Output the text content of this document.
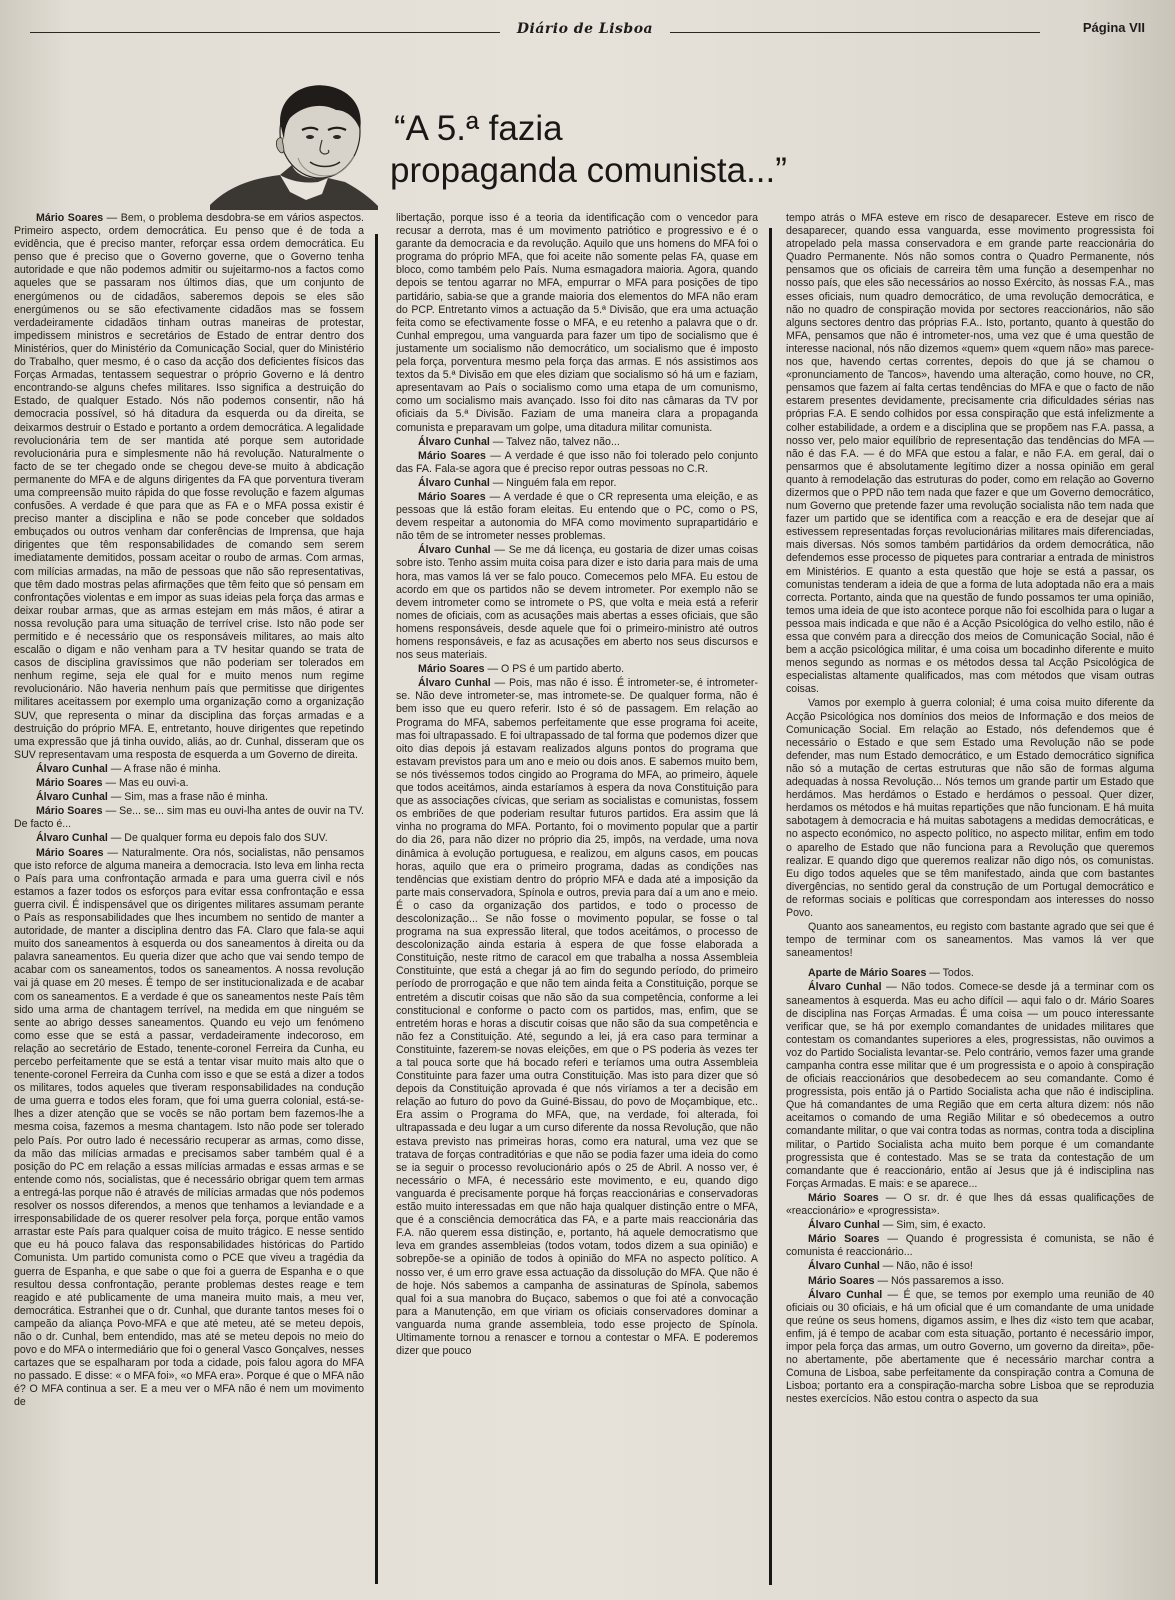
Diário de Lisboa	Página VII
“A 5.ª fazia
propaganda comunista...”

Mário Soares — Bem, o problema desdobra-se em vários aspectos. Primeiro aspecto, ordem democrática. Eu penso que é de toda a evidência, que é preciso manter, reforçar essa ordem democrática. Eu penso que é preciso que o Governo governe, que o Governo tenha autoridade e que não podemos admitir ou sujeitarmo-nos a factos como aqueles que se passaram nos últimos dias, que um conjunto de energúmenos ou de cidadãos, saberemos depois se eles são energúmenos ou se são efectivamente cidadãos mas se fossem verdadeiramente cidadãos tinham outras maneiras de protestar, impedissem ministros e secretários de Estado de entrar dentro dos Ministérios, quer do Ministério da Comunicação Social, quer do Ministério do Trabalho, quer mesmo, é o caso da acção dos deficientes físicos das Forças Armadas, tentassem sequestrar o próprio Governo e lá dentro encontrando-se alguns chefes militares. Isso significa a destruição do Estado, de qualquer Estado. Nós não podemos consentir, não há democracia possível, só há ditadura da esquerda ou da direita, se deixarmos destruir o Estado e portanto a ordem democrática. A legalidade revolucionária tem de ser mantida até porque sem autoridade revolucionária pura e simplesmente não há revolução. Naturalmente o facto de se ter chegado onde se chegou deve-se muito à abdicação permanente do MFA e de alguns dirigentes da FA que porventura tiveram uma compreensão muito rápida do que fosse revolução e fazem algumas confusões. A verdade é que para que as FA e o MFA possa existir é preciso manter a disciplina e não se pode conceber que soldados embuçados ou outros venham dar conferências de Imprensa, que haja dirigentes que têm responsabilidades de comando sem serem imediatamente demitidos, possam aceitar o roubo de armas. Com armas, com milícias armadas, na mão de pessoas que não são representativas, que têm dado mostras pelas afirmações que têm feito que só pensam em confrontações violentas e em impor as suas ideias pela força das armas e deixar roubar armas, que as armas estejam em más mãos, é atirar a nossa revolução para uma situação de terrível crise. Isto não pode ser permitido e é necessário que os responsáveis militares, ao mais alto escalão o digam e não venham para a TV hesitar quando se trata de casos de disciplina gravíssimos que não poderiam ser tolerados em nenhum regime, seja ele qual for e muito menos num regime revolucionário. Não haveria nenhum país que permitisse que dirigentes militares aceitassem por exemplo uma organização como a organização SUV, que representa o minar da disciplina das forças armadas e a destruição do próprio MFA. E, entretanto, houve dirigentes que repetindo uma expressão que já tinha ouvido, aliás, ao dr. Cunhal, disseram que os SUV representavam uma resposta de esquerda a um Governo de direita.

Álvaro Cunhal — A frase não é minha.

Mário Soares — Mas eu ouvi-a.

Álvaro Cunhal — Sim, mas a frase não é minha.

Mário Soares — Se... se... sim mas eu ouvi-lha antes de ouvir na TV. De facto é...

Álvaro Cunhal — De qualquer forma eu depois falo dos SUV.

Mário Soares — Naturalmente. Ora nós, socialistas, não pensamos que isto reforce de alguma maneira a democracia. Isto leva em linha recta o País para uma confrontação armada e para uma guerra civil e nós estamos a fazer todos os esforços para evitar essa confrontação e essa guerra civil. É indispensável que os dirigentes militares assumam perante o País as responsabilidades que lhes incumbem no sentido de manter a autoridade, de manter a disciplina dentro das FA. Claro que fala-se aqui muito dos saneamentos à esquerda ou dos saneamentos à direita ou da palavra saneamentos. Eu queria dizer que acho que vai sendo tempo de acabar com os saneamentos, todos os saneamentos. A nossa revolução vai já quase em 20 meses. É tempo de ser institucionalizada e de acabar com os saneamentos. E a verdade é que os saneamentos neste País têm sido uma arma de chantagem terrível, na medida em que ninguém se sente ao abrigo desses saneamentos. Quando eu vejo um fenómeno como esse que se está a passar, verdadeiramente indecoroso, em relação ao secretário de Estado, tenente-coronel Ferreira da Cunha, eu percebo perfeitamente que se está a tentar visar muito mais alto que o tenente-coronel Ferreira da Cunha com isso e que se está a dizer a todos os militares, todos aqueles que tiveram responsabilidades na condução de uma guerra e todos eles foram, que foi uma guerra colonial, está-se-lhes a dizer atenção que se vocês se não portam bem fazemos-lhe a mesma coisa, fazemos a mesma chantagem. Isto não pode ser tolerado pelo País. Por outro lado é necessário recuperar as armas, como disse, da mão das milícias armadas e precisamos saber também qual é a posição do PC em relação a essas milícias armadas e essas armas e se entende como nós, socialistas, que é necessário obrigar quem tem armas a entregá-las porque não é através de milícias armadas que nós podemos resolver os nossos diferendos, a menos que tenhamos a leviandade e a irresponsabilidade de os querer resolver pela força, porque então vamos arrastar este País para qualquer coisa de muito trágico. E nesse sentido que eu há pouco falava das responsabilidades históricas do Partido Comunista. Um partido comunista como o PCE que viveu a tragédia da guerra de Espanha, e que sabe o que foi a guerra de Espanha e o que resultou dessa confrontação, perante problemas destes reage e tem reagido e até publicamente de uma maneira muito mais, a meu ver, democrática. Estranhei que o dr. Cunhal, que durante tantos meses foi o campeão da aliança Povo-MFA e que até meteu, até se meteu depois, não o dr. Cunhal, bem entendido, mas até se meteu depois no meio do povo e do MFA o intermediário que foi o general Vasco Gonçalves, nesses cartazes que se espalharam por toda a cidade, pois falou agora do MFA no passado. E disse: « o MFA foi», «o MFA era». Porque é que o MFA não é? O MFA continua a ser. E a meu ver o MFA não é nem um movimento de

libertação, porque isso é a teoria da identificação com o vencedor para recusar a derrota, mas é um movimento patriótico e progressivo e é o garante da democracia e da revolução. Aquilo que uns homens do MFA foi o programa do próprio MFA, que foi aceite não somente pelas FA, quase em bloco, como também pelo País. Numa esmagadora maioria. Agora, quando depois se tentou agarrar no MFA, empurrar o MFA para posições de tipo partidário, sabia-se que a grande maioria dos elementos do MFA não eram do PCP. Entretanto vimos a actuação da 5.ª Divisão, que era uma actuação feita como se efectivamente fosse o MFA, e eu retenho a palavra que o dr. Cunhal empregou, uma vanguarda para fazer um tipo de socialismo que é justamente um socialismo não democrático, um socialismo que é imposto pela força, porventura mesmo pela força das armas. E nós assistimos aos textos da 5.ª Divisão em que eles diziam que socialismo só há um e faziam, apresentavam ao País o socialismo como uma etapa de um comunismo, como um socialismo mais avançado. Isso foi dito nas câmaras da TV por oficiais da 5.ª Divisão. Faziam de uma maneira clara a propaganda comunista e preparavam um golpe, uma ditadura militar comunista.

Álvaro Cunhal — Talvez não, talvez não...

Mário Soares — A verdade é que isso não foi tolerado pelo conjunto das FA. Fala-se agora que é preciso repor outras pessoas no C.R.

Álvaro Cunhal — Ninguém fala em repor.

Mário Soares — A verdade é que o CR representa uma eleição, e as pessoas que lá estão foram eleitas. Eu entendo que o PC, como o PS, devem respeitar a autonomia do MFA como movimento suprapartidário e não têm de se intrometer nesses problemas.

Álvaro Cunhal — Se me dá licença, eu gostaria de dizer umas coisas sobre isto. Tenho assim muita coisa para dizer e isto daria para mais de uma hora, mas vamos lá ver se falo pouco. Comecemos pelo MFA. Eu estou de acordo em que os partidos não se devem intrometer. Por exemplo não se devem intrometer como se intromete o PS, que volta e meia está a referir nomes de oficiais, com as acusações mais abertas a esses oficiais, que são homens responsáveis, desde aquele que foi o primeiro-ministro até outros homens responsáveis, e faz as acusações em aberto nos seus discursos e nos seus materiais.

Mário Soares — O PS é um partido aberto.

Álvaro Cunhal — Pois, mas não é isso. É intrometer-se, é intrometer-se. Não deve intrometer-se, mas intromete-se. De qualquer forma, não é bem isso que eu quero referir. Isto é só de passagem. Em relação ao Programa do MFA, sabemos perfeitamente que esse programa foi aceite, mas foi ultrapassado. E foi ultrapassado de tal forma que podemos dizer que oito dias depois já estavam realizados alguns pontos do programa que estavam previstos para um ano e meio ou dois anos. E sabemos muito bem, se nós tivéssemos todos cingido ao Programa do MFA, ao primeiro, àquele que todos aceitámos, ainda estaríamos à espera da nova Constituição para que as associações cívicas, que seriam as socialistas e comunistas, fossem os embriões de que poderiam resultar futuros partidos. Era assim que lá vinha no programa do MFA. Portanto, foi o movimento popular que a partir do dia 26, para não dizer no próprio dia 25, impôs, na verdade, uma nova dinâmica à evolução portuguesa, e realizou, em alguns casos, em poucas horas, aquilo que era o primeiro programa, dadas as condições nas tendências que existiam dentro do próprio MFA e dada até a imposição da parte mais conservadora, Spínola e outros, previa para daí a um ano e meio. É o caso da organização dos partidos, e todo o processo de descolonização... Se não fosse o movimento popular, se fosse o tal programa na sua expressão literal, que todos aceitámos, o processo de descolonização ainda estaria à espera de que fosse elaborada a Constituição, neste ritmo de caracol em que trabalha a nossa Assembleia Constituinte, que está a chegar já ao fim do segundo período, do primeiro período de prorrogação e que não tem ainda feita a Constituição, porque se entretém a discutir coisas que não são da sua competência, conforme a lei constitucional e conforme o pacto com os partidos, mas, enfim, que se entretém horas e horas a discutir coisas que não são da sua competência e não fez a Constituição. Até, segundo a lei, já era caso para terminar a Constituinte, fazerem-se novas eleições, em que o PS poderia às vezes ter a tal pouca sorte que há bocado referi e teríamos uma outra Assembleia Constituinte para fazer uma outra Constituição. Mas isto para dizer que só depois da Constituição aprovada é que nós viríamos a ter a decisão em relação ao futuro do povo da Guiné-Bissau, do povo de Moçambique, etc.. Era assim o Programa do MFA, que, na verdade, foi alterada, foi ultrapassada e deu lugar a um curso diferente da nossa Revolução, que não estava previsto nas primeiras horas, como era natural, uma vez que se tratava de forças contraditórias e que não se podia fazer uma ideia do como se ia seguir o processo revolucionário após o 25 de Abril. A nosso ver, é necessário o MFA, é necessário este movimento, e eu, quando digo vanguarda é precisamente porque há forças reaccionárias e conservadoras estão muito interessadas em que não haja qualquer distinção entre o MFA, que é a consciência democrática das FA, e a parte mais reaccionária das F.A. não querem essa distinção, e, portanto, há aquele democratismo que leva em grandes assembleias (todos votam, todos dizem a sua opinião) e sobrepõe-se a opinião de todos à opinião do MFA no aspecto político. A nosso ver, é um erro grave essa actuação da dissolução do MFA. Que não é de hoje. Nós sabemos a campanha de assinaturas de Spínola, sabemos qual foi a sua manobra do Buçaco, sabemos o que foi até a convocação para a Manutenção, em que viriam os oficiais conservadores dominar a vanguarda numa grande assembleia, todo esse projecto de Spínola. Ultimamente tornou a renascer e tornou a contestar o MFA. E poderemos dizer que pouco

tempo atrás o MFA esteve em risco de desaparecer. Esteve em risco de desaparecer, quando essa vanguarda, esse movimento progressista foi atropelado pela massa conservadora e em grande parte reaccionária do Quadro Permanente. Nós não somos contra o Quadro Permanente, nós pensamos que os oficiais de carreira têm uma função a desempenhar no nosso país, que eles são necessários ao nosso Exército, às nossas F.A., mas esses oficiais, num quadro democrático, de uma revolução democrática, e não no quadro de conspiração movida por sectores reaccionários, não são alguns sectores dentro das próprias F.A.. Isto, portanto, quanto à questão do MFA, pensamos que não é intrometer-nos, uma vez que é uma questão de interesse nacional, nós não dizemos «quem» quem «quem não» mas parece-nos que, havendo certas correntes, depois do que já se chamou o «pronunciamento de Tancos», havendo uma alteração, como houve, no CR, pensamos que fazem aí falta certas tendências do MFA e que o facto de não estarem presentes devidamente, precisamente cria dificuldades sérias nas próprias F.A. E sendo colhidos por essa conspiração que está infelizmente a colher estabilidade, a ordem e a disciplina que se propõem nas F.A. passa, a nosso ver, pelo maior equilíbrio de representação das tendências do MFA — não é das F.A. — é do MFA que estou a falar, e não F.A. em geral, dai o pensarmos que é absolutamente legítimo dizer a nossa opinião em geral quanto à remodelação das estruturas do poder, como em relação ao Governo dizermos que o PPD não tem nada que fazer e que um Governo democrático, num Governo que pretende fazer uma revolução socialista não tem nada que fazer um partido que se identifica com a reacção e era de desejar que aí estivessem representadas forças revolucionárias militares mais diferenciadas, mais diversas. Nós somos também partidários da ordem democrática, não defendemos esse processo de piquetes para contrariar a entrada de ministros em Ministérios. E quanto a esta questão que hoje se está a passar, os comunistas tenderam a ideia de que a forma de luta adoptada não era a mais correcta. Portanto, ainda que na questão de fundo possamos ter uma opinião, temos uma ideia de que isto acontece porque não foi escolhida para o lugar a pessoa mais indicada e que não é a Acção Psicológica do velho estilo, não é essa que convém para a direcção dos meios de Comunicação Social, não é bem a acção psicológica militar, é uma coisa um bocadinho diferente e muito menos segundo as normas e os métodos dessa tal Acção Psicológica de especialistas altamente qualificados, mas com métodos que visam outras coisas.

Vamos por exemplo à guerra colonial; é uma coisa muito diferente da Acção Psicológica nos domínios dos meios de Informação e dos meios de Comunicação Social. Em relação ao Estado, nós defendemos que é necessário o Estado e que sem Estado uma Revolução não se pode defender, mas num Estado democrático, e um Estado democrático significa não só a mutação de certas estruturas que não são de formas alguma adequadas à nossa Revolução... Nós temos um grande partir um Estado que herdámos. Mas herdámos o Estado e herdámos o pessoal. Quer dizer, herdamos os métodos e há muitas repartições que não funcionam. E há muita sabotagem à democracia e há muitas sabotagens a medidas democráticas, e no aspecto económico, no aspecto político, no aspecto militar, enfim em todo o aparelho de Estado que não funciona para a Revolução que queremos realizar. E quando digo que queremos realizar não digo nós, os comunistas. Eu digo todos aqueles que se têm manifestado, ainda que com bastantes divergências, no sentido geral da construção de um Portugal democrático e de reformas sociais e políticas que correspondam aos interesses do nosso Povo.

Quanto aos saneamentos, eu registo com bastante agrado que sei que é tempo de terminar com os saneamentos. Mas vamos lá ver que saneamentos!

Aparte de Mário Soares — Todos.

Álvaro Cunhal — Não todos. Comece-se desde já a terminar com os saneamentos à esquerda. Mas eu acho difícil — aqui falo o dr. Mário Soares de disciplina nas Forças Armadas. É uma coisa — um pouco interessante verificar que, se há por exemplo comandantes de unidades militares que contestam os comandantes superiores a eles, progressistas, não ouvimos a voz do Partido Socialista levantar-se. Pelo contrário, vemos fazer uma grande campanha contra esse militar que é um progressista e o apoio à conspiração de oficiais reaccionários que desobedecem ao seu comandante. Como é progressista, pois então já o Partido Socialista acha que não é indisciplina. Que há comandantes de uma Região que em certa altura dizem: nós não aceitamos o comando de uma Região Militar e só obedecemos a outro comandante militar, o que vai contra todas as normas, contra toda a disciplina militar, o Partido Socialista acha muito bem porque é um comandante progressista que é contestado. Mas se se trata da contestação de um comandante que é reaccionário, então aí Jesus que já é indisciplina nas Forças Armadas. E mais: e se aparece...

Mário Soares — O sr. dr. é que lhes dá essas qualificações de «reaccionário» e «progressista».

Álvaro Cunhal — Sim, sim, é exacto.

Mário Soares — Quando é progressista é comunista, se não é comunista é reaccionário...

Álvaro Cunhal — Não, não é isso!

Mário Soares — Nós passaremos a isso.

Álvaro Cunhal — É que, se temos por exemplo uma reunião de 40 oficiais ou 30 oficiais, e há um oficial que é um comandante de uma unidade que reúne os seus homens, digamos assim, e lhes diz «isto tem que acabar, enfim, já é tempo de acabar com esta situação, portanto é necessário impor, impor pela força das armas, um outro Governo, um governo da direita», põe-no abertamente, põe abertamente que é necessário marchar contra a Comuna de Lisboa, sabe perfeitamente da conspiração contra a Comuna de Lisboa; portanto era a conspiração-marcha sobre Lisboa que se reproduzia nestes exercícios. Não estou contra o aspecto da sua
